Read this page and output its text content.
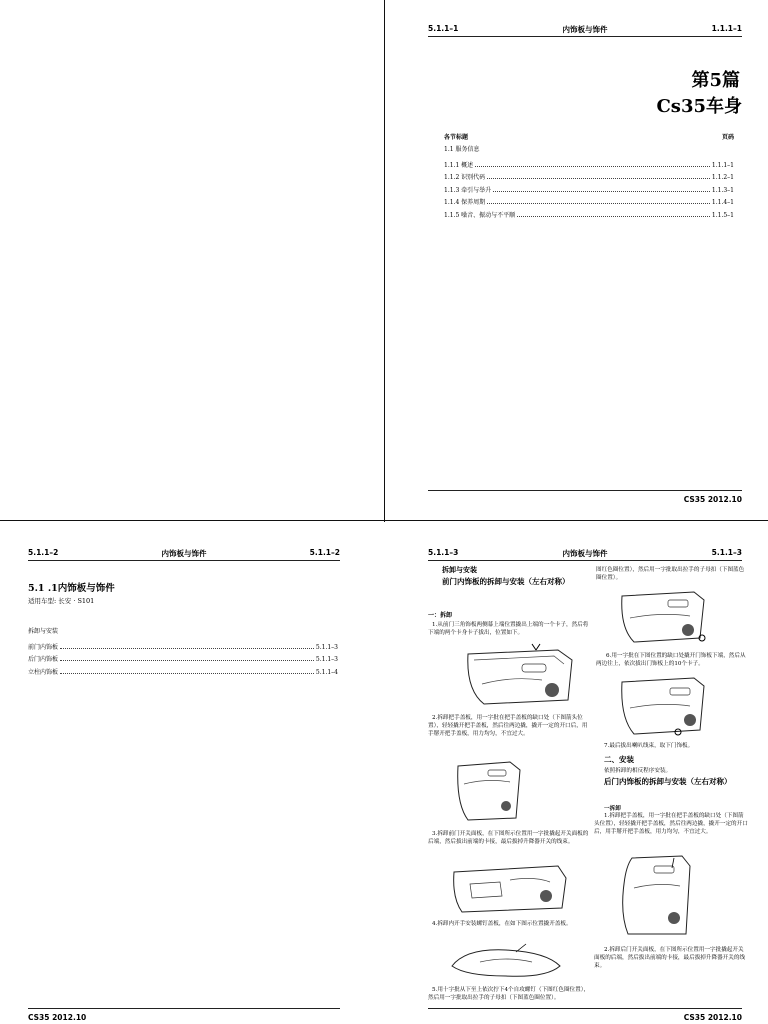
5.1.1–1	内饰板与饰件	1.1.1–1
第5篇
Cs35车身
各节标题	页码
1.1 服务信息
1.1.1 概述	1.1.1–1
1.1.2 识别代码	1.1.2–1
1.1.3 牵引与举升	1.1.3–1
1.1.4 保养周期	1.1.4–1
1.1.5 噪音、振动与不平顺	1.1.5–1
CS35 2012.10
5.1.1–2	内饰板与饰件	5.1.1–2
5.1 .1内饰板与饰件
适用车型: 长安 · S101
拆卸与安装
前门内饰板	5.1.1–3
后门内饰板	5.1.1–3
立柱内饰板	5.1.1–4
CS35 2012.10
5.1.1–3	内饰板与饰件	5.1.1–3
拆卸与安装
前门内饰板的拆卸与安装（左右对称）
一：拆卸
1.从前门三角饰板两侧幕上端位置撬出上端的一个卡子，然后将下端的两个卡身卡子拔出，位置如下。
2.拆卸把手盖板，用一字批在把手盖板的缺口处（下图箭头位置），轻轻撬开把手盖板，然后往两边撬，撬开一定的开口后，用手掰开把手盖板，用力均匀，不宜过大。
3.拆卸前门开关面板，在下图所示位置用一字批撬起开关面板的后端，然后拔出前端的卡接，最后拔掉升降器开关的线束。
4.拆卸内开手安装螺钉盖板，在如下图示位置撬开盖板。
5.用十字批从下至上依次拧下4个自攻螺钉（下图红色圈位置），然后用一字批取出拉手的子母扣（下图蓝色圈位置）。
图红色圈位置），然后用一字批取出拉手的子母扣（下图蓝色圈位置）。
6.用一字批在下图位置的缺口处撬开门饰板下端，然后从两边往上，依次拔出门饰板上的10个卡子。
7.最后拔出喇叭线束，取下门饰板。
二、安装
依照拆卸的相反程序安装。
后门内饰板的拆卸与安装（左右对称）
一拆卸
1.拆卸把手盖板，用一字批在把手盖板的缺口处（下图箭头位置），轻轻撬开把手盖板，然后往两边撬，撬开一定的开口后，用手掰开把手盖板，用力均匀，不宜过大。
2.拆卸后门开关面板，在下图所示位置用一字批撬起开关面板的后端，然后拔出前端的卡接，最后拔掉升降器开关的线束。
CS35 2012.10
